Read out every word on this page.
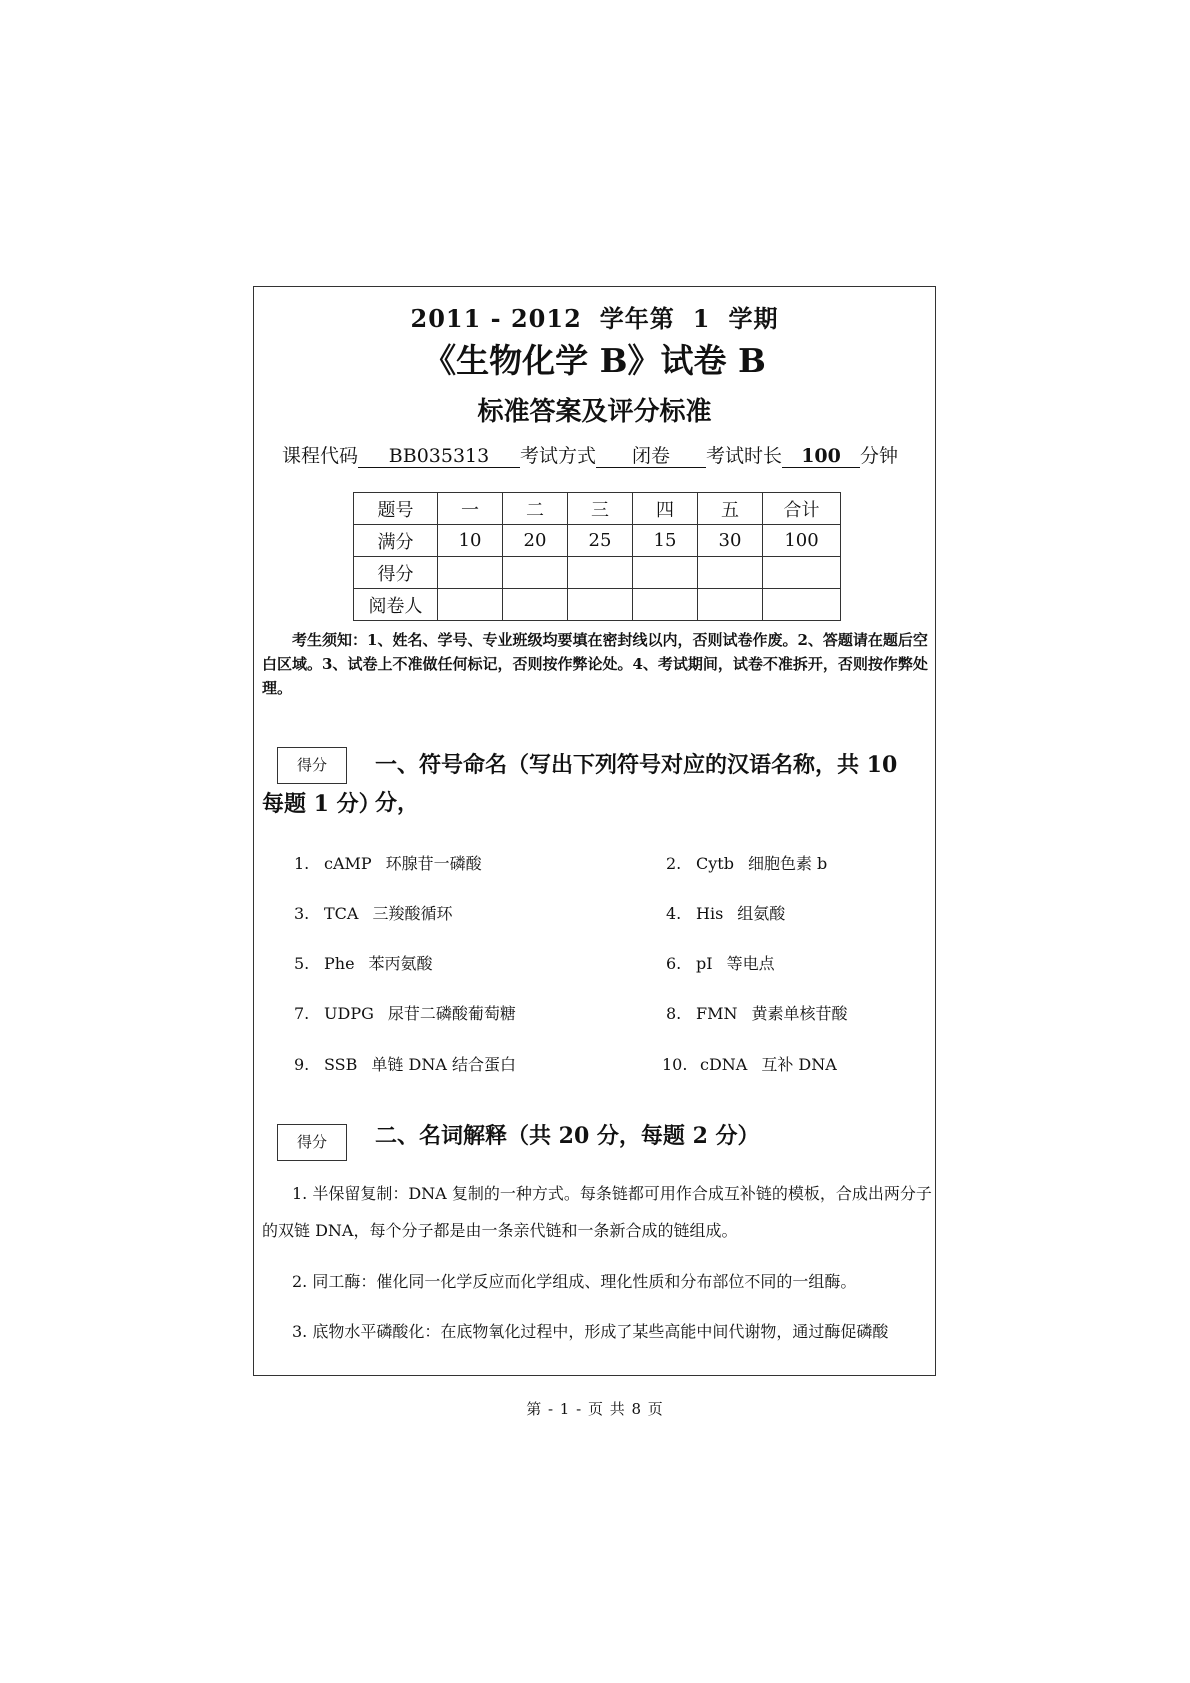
2011 - 2012 学年第 1 学期
《生物化学 B》试卷 B
标准答案及评分标准
课程代码 BB035313 考试方式 闭卷 考试时长 100 分钟
题号	一	二	三	四	五	合计
满分	10	20	25	15	30	100
得分						
阅卷人						
考生须知：1、姓名、学号、专业班级均要填在密封线以内，否则试卷作废。2、答题请在题后空白区域。3、试卷上不准做任何标记，否则按作弊论处。4、考试期间，试卷不准拆开，否则按作弊处理。
得分	一、符号命名（写出下列符号对应的汉语名称，共 10 分，
每题 1 分）
1. cAMP 环腺苷一磷酸	2. Cytb 细胞色素 b
3. TCA 三羧酸循环	4. His 组氨酸
5. Phe 苯丙氨酸	6. pI 等电点
7. UDPG 尿苷二磷酸葡萄糖	8. FMN 黄素单核苷酸
9. SSB 单链 DNA 结合蛋白	10. cDNA 互补 DNA
得分	二、名词解释（共 20 分，每题 2 分）
1. 半保留复制：DNA 复制的一种方式。每条链都可用作合成互补链的模板，合成出两分子的双链 DNA，每个分子都是由一条亲代链和一条新合成的链组成。
2. 同工酶：催化同一化学反应而化学组成、理化性质和分布部位不同的一组酶。
3. 底物水平磷酸化：在底物氧化过程中，形成了某些高能中间代谢物，通过酶促磷酸
第 - 1 - 页 共 8 页
